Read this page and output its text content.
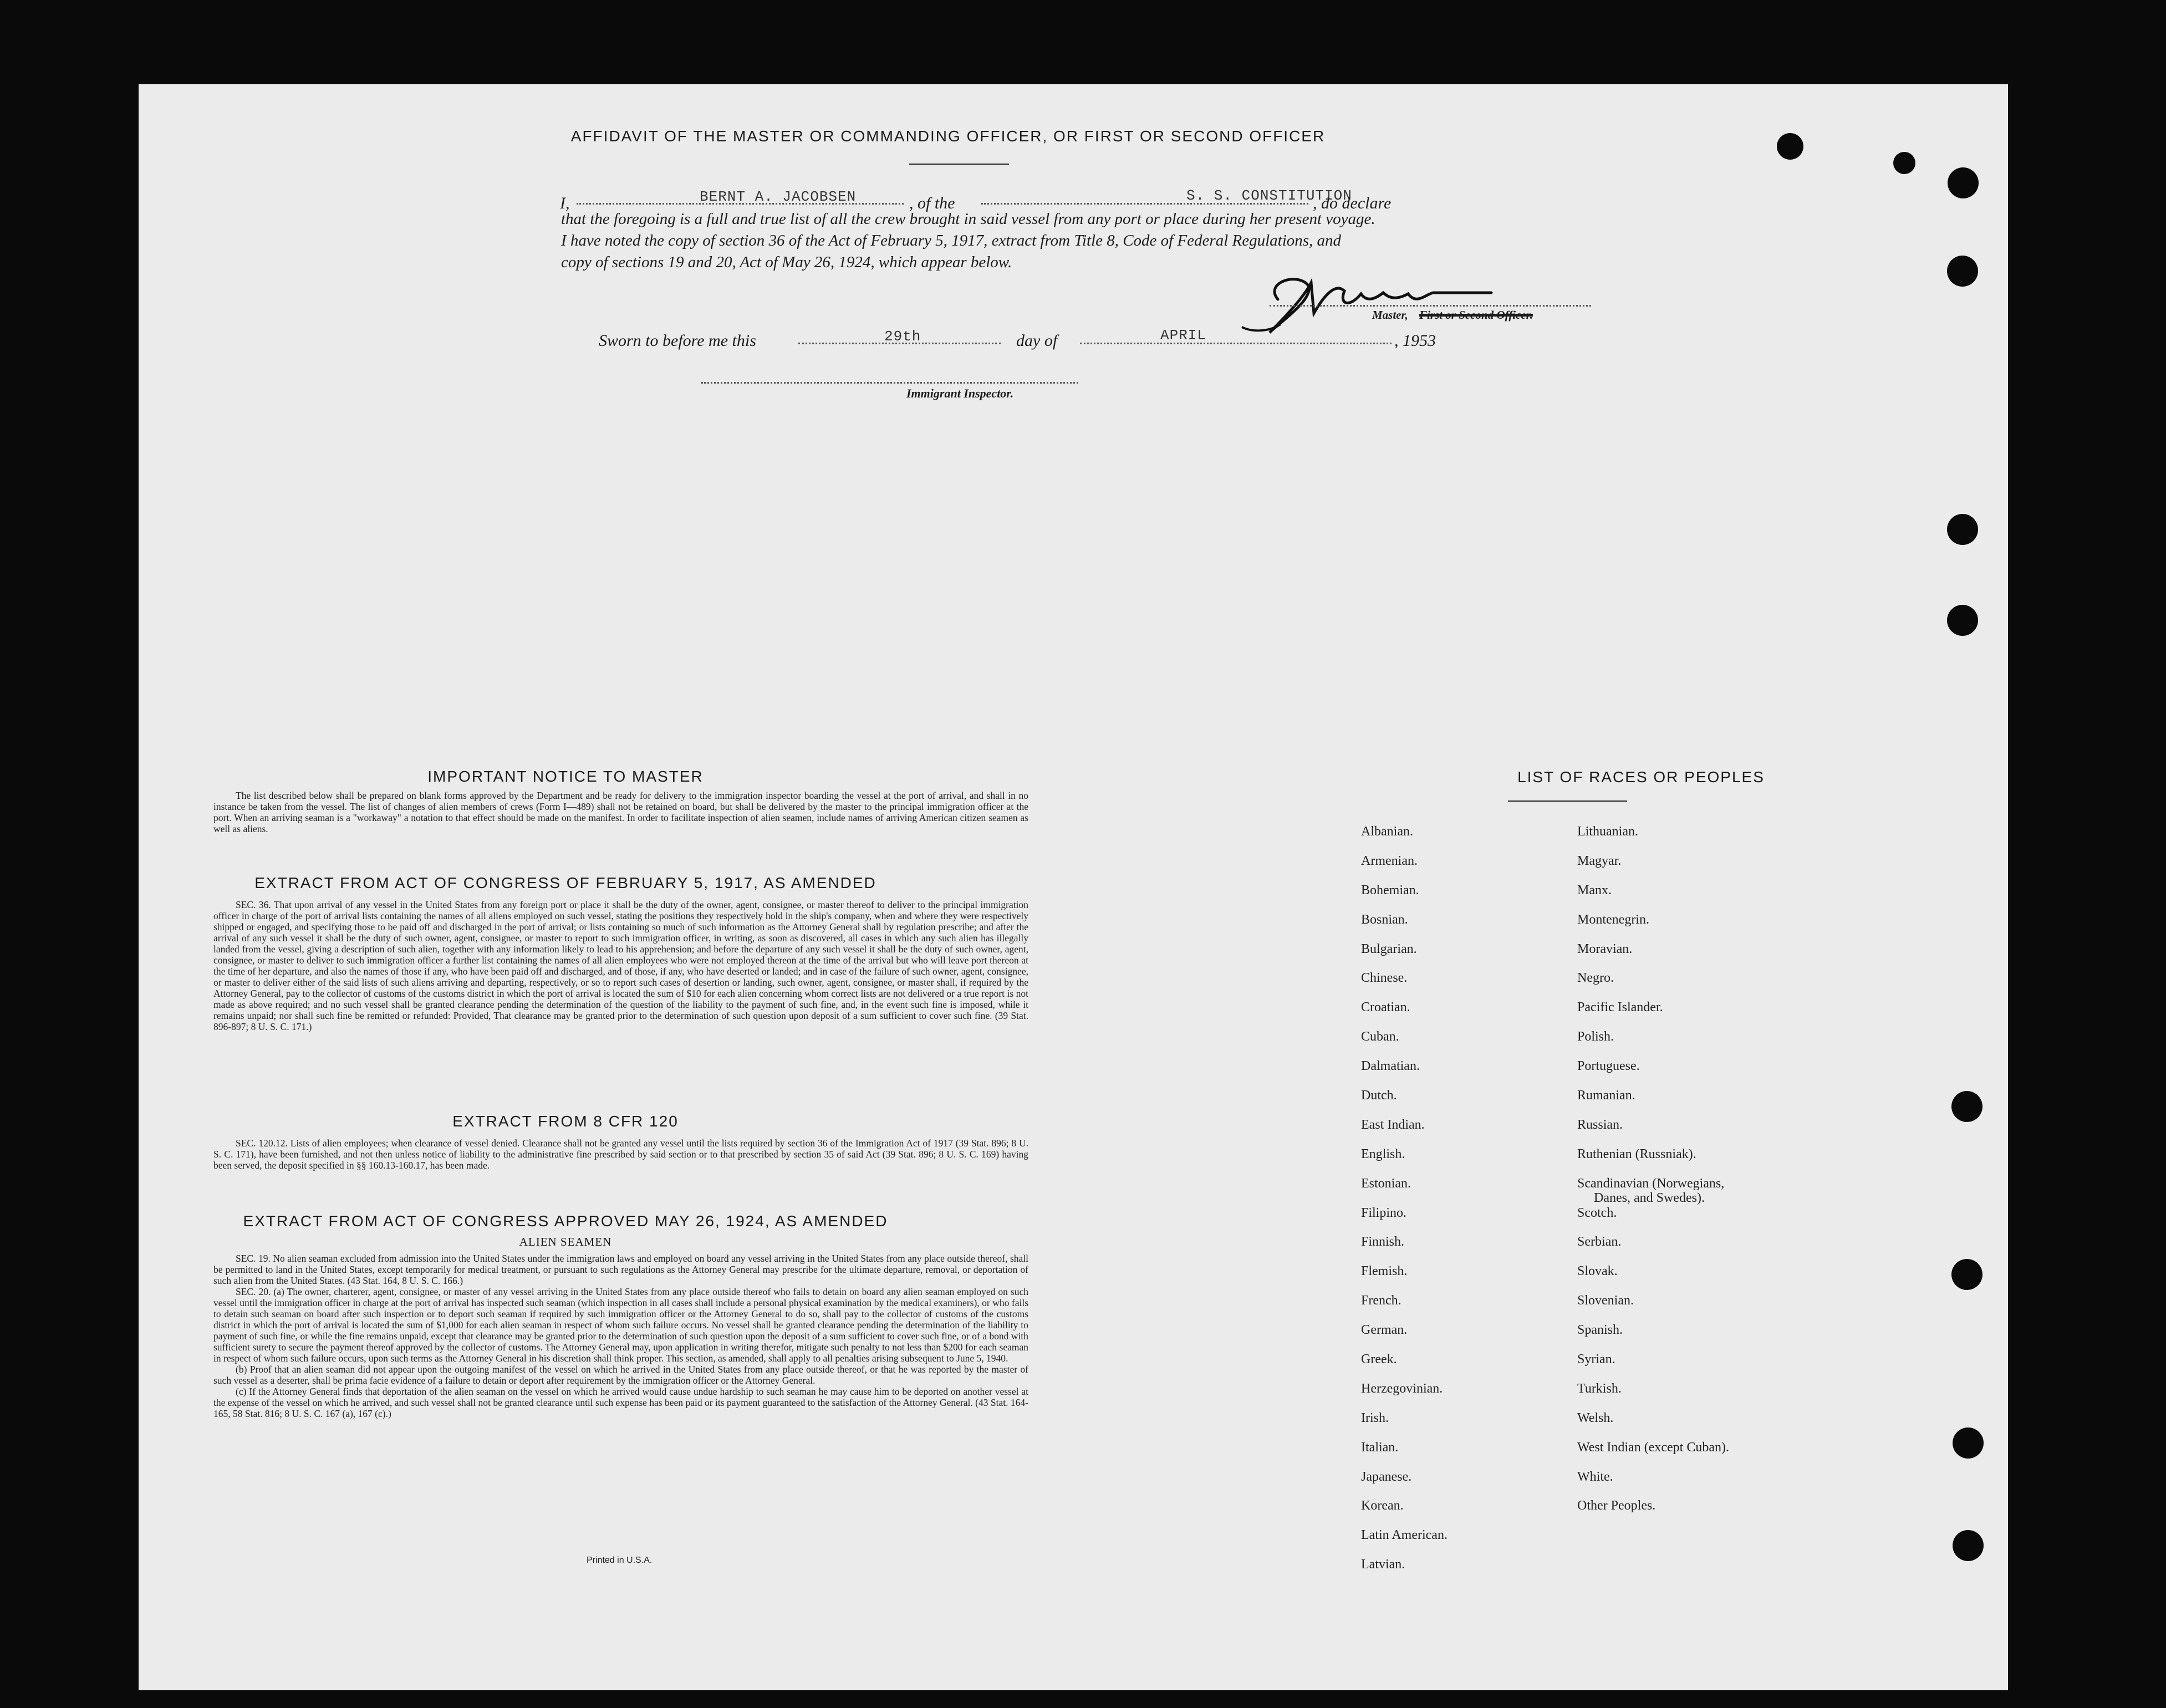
AFFIDAVIT OF THE MASTER OR COMMANDING OFFICER, OR FIRST OR SECOND OFFICER
I,	BERNT A. JACOBSEN	, of the	S. S. CONSTITUTION
, do declare
that the foregoing is a full and true list of all the crew brought in said vessel from any port or place during her present voyage.
I have noted the copy of section 36 of the Act of February 5, 1917, extract from Title 8, Code of Federal Regulations, and
copy of sections 19 and 20, Act of May 26, 1924, which appear below.
Master, First or Second Officer.
Sworn to before me this	29th	day of	APRIL	, 1953
Immigrant Inspector.
IMPORTANT NOTICE TO MASTER
The list described below shall be prepared on blank forms approved by the Department and be ready for delivery to the immigration inspector boarding the vessel at the port of arrival, and shall in no instance be taken from the vessel. The list of changes of alien members of crews (Form I—489) shall not be retained on board, but shall be delivered by the master to the principal immigration officer at the port. When an arriving seaman is a "workaway" a notation to that effect should be made on the manifest. In order to facilitate inspection of alien seamen, include names of arriving American citizen seamen as well as aliens.
EXTRACT FROM ACT OF CONGRESS OF FEBRUARY 5, 1917, AS AMENDED
SEC. 36. That upon arrival of any vessel in the United States from any foreign port or place it shall be the duty of the owner, agent, consignee, or master thereof to deliver to the principal immigration officer in charge of the port of arrival lists containing the names of all aliens employed on such vessel, stating the positions they respectively hold in the ship's company, when and where they were respectively shipped or engaged, and specifying those to be paid off and discharged in the port of arrival; or lists containing so much of such information as the Attorney General shall by regulation prescribe; and after the arrival of any such vessel it shall be the duty of such owner, agent, consignee, or master to report to such immigration officer, in writing, as soon as discovered, all cases in which any such alien has illegally landed from the vessel, giving a description of such alien, together with any information likely to lead to his apprehension; and before the departure of any such vessel it shall be the duty of such owner, agent, consignee, or master to deliver to such immigration officer a further list containing the names of all alien employees who were not employed thereon at the time of the arrival but who will leave port thereon at the time of her departure, and also the names of those if any, who have been paid off and discharged, and of those, if any, who have deserted or landed; and in case of the failure of such owner, agent, consignee, or master to deliver either of the said lists of such aliens arriving and departing, respectively, or so to report such cases of desertion or landing, such owner, agent, consignee, or master shall, if required by the Attorney General, pay to the collector of customs of the customs district in which the port of arrival is located the sum of $10 for each alien concerning whom correct lists are not delivered or a true report is not made as above required; and no such vessel shall be granted clearance pending the determination of the question of the liability to the payment of such fine, and, in the event such fine is imposed, while it remains unpaid; nor shall such fine be remitted or refunded: Provided, That clearance may be granted prior to the determination of such question upon deposit of a sum sufficient to cover such fine. (39 Stat. 896-897; 8 U. S. C. 171.)
EXTRACT FROM 8 CFR 120
SEC. 120.12. Lists of alien employees; when clearance of vessel denied. Clearance shall not be granted any vessel until the lists required by section 36 of the Immigration Act of 1917 (39 Stat. 896; 8 U. S. C. 171), have been furnished, and not then unless notice of liability to the administrative fine prescribed by said section or to that prescribed by section 35 of said Act (39 Stat. 896; 8 U. S. C. 169) having been served, the deposit specified in §§ 160.13-160.17, has been made.
EXTRACT FROM ACT OF CONGRESS APPROVED MAY 26, 1924, AS AMENDED
ALIEN SEAMEN
SEC. 19. No alien seaman excluded from admission into the United States under the immigration laws and employed on board any vessel arriving in the United States from any place outside thereof, shall be permitted to land in the United States, except temporarily for medical treatment, or pursuant to such regulations as the Attorney General may prescribe for the ultimate departure, removal, or deportation of such alien from the United States. (43 Stat. 164, 8 U. S. C. 166.)
SEC. 20. (a) The owner, charterer, agent, consignee, or master of any vessel arriving in the United States from any place outside thereof who fails to detain on board any alien seaman employed on such vessel until the immigration officer in charge at the port of arrival has inspected such seaman (which inspection in all cases shall include a personal physical examination by the medical examiners), or who fails to detain such seaman on board after such inspection or to deport such seaman if required by such immigration officer or the Attorney General to do so, shall pay to the collector of customs of the customs district in which the port of arrival is located the sum of $1,000 for each alien seaman in respect of whom such failure occurs. No vessel shall be granted clearance pending the determination of the liability to payment of such fine, or while the fine remains unpaid, except that clearance may be granted prior to the determination of such question upon the deposit of a sum sufficient to cover such fine, or of a bond with sufficient surety to secure the payment thereof approved by the collector of customs. The Attorney General may, upon application in writing therefor, mitigate such penalty to not less than $200 for each seaman in respect of whom such failure occurs, upon such terms as the Attorney General in his discretion shall think proper. This section, as amended, shall apply to all penalties arising subsequent to June 5, 1940.
(b) Proof that an alien seaman did not appear upon the outgoing manifest of the vessel on which he arrived in the United States from any place outside thereof, or that he was reported by the master of such vessel as a deserter, shall be prima facie evidence of a failure to detain or deport after requirement by the immigration officer or the Attorney General.
(c) If the Attorney General finds that deportation of the alien seaman on the vessel on which he arrived would cause undue hardship to such seaman he may cause him to be deported on another vessel at the expense of the vessel on which he arrived, and such vessel shall not be granted clearance until such expense has been paid or its payment guaranteed to the satisfaction of the Attorney General. (43 Stat. 164-165, 58 Stat. 816; 8 U. S. C. 167 (a), 167 (c).)
Printed in U.S.A.
LIST OF RACES OR PEOPLES
Albanian.
Armenian.
Bohemian.
Bosnian.
Bulgarian.
Chinese.
Croatian.
Cuban.
Dalmatian.
Dutch.
East Indian.
English.
Estonian.
Filipino.
Finnish.
Flemish.
French.
German.
Greek.
Herzegovinian.
Irish.
Italian.
Japanese.
Korean.
Latin American.
Latvian.
Lithuanian.
Magyar.
Manx.
Montenegrin.
Moravian.
Negro.
Pacific Islander.
Polish.
Portuguese.
Rumanian.
Russian.
Ruthenian (Russniak).
Scandinavian (Norwegians,
Danes, and Swedes).
Scotch.
Serbian.
Slovak.
Slovenian.
Spanish.
Syrian.
Turkish.
Welsh.
West Indian (except Cuban).
White.
Other Peoples.
